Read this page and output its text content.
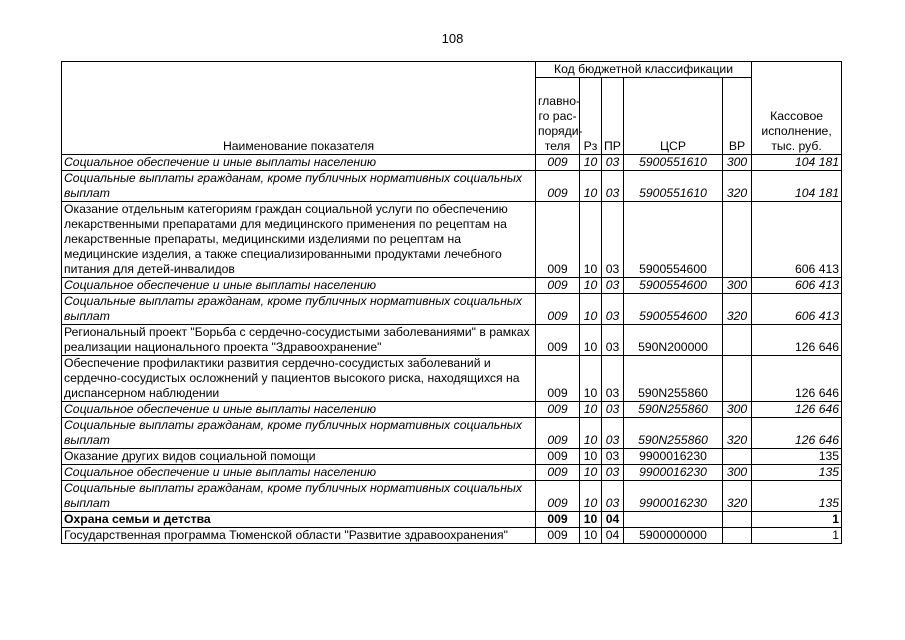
108
Наименование показателя	Код бюджетной классификации					Кассовое исполнение, тыс. руб.
	главно-го рас-поряди-теля	Рз	ПР	ЦСР	ВР	
Социальное обеспечение и иные выплаты населению	009	10	03	5900551610	300	104 181
Социальные выплаты гражданам, кроме публичных нормативных социальных выплат	009	10	03	5900551610	320	104 181
Оказание отдельным категориям граждан социальной услуги по обеспечению лекарственными препаратами для медицинского применения по рецептам на лекарственные препараты, медицинскими изделиями по рецептам на медицинские изделия, а также специализированными продуктами лечебного питания для детей-инвалидов	009	10	03	5900554600		606 413
Социальное обеспечение и иные выплаты населению	009	10	03	5900554600	300	606 413
Социальные выплаты гражданам, кроме публичных нормативных социальных выплат	009	10	03	5900554600	320	606 413
Региональный проект "Борьба с сердечно-сосудистыми заболеваниями" в рамках реализации национального проекта "Здравоохранение"	009	10	03	590N200000		126 646
Обеспечение профилактики развития сердечно-сосудистых заболеваний и сердечно-сосудистых осложнений у пациентов высокого риска, находящихся на диспансерном наблюдении	009	10	03	590N255860		126 646
Социальное обеспечение и иные выплаты населению	009	10	03	590N255860	300	126 646
Социальные выплаты гражданам, кроме публичных нормативных социальных выплат	009	10	03	590N255860	320	126 646
Оказание других видов социальной помощи	009	10	03	9900016230		135
Социальное обеспечение и иные выплаты населению	009	10	03	9900016230	300	135
Социальные выплаты гражданам, кроме публичных нормативных социальных выплат	009	10	03	9900016230	320	135
Охрана семьи и детства	009	10	04			1
Государственная программа Тюменской области "Развитие здравоохранения"	009	10	04	5900000000		1
